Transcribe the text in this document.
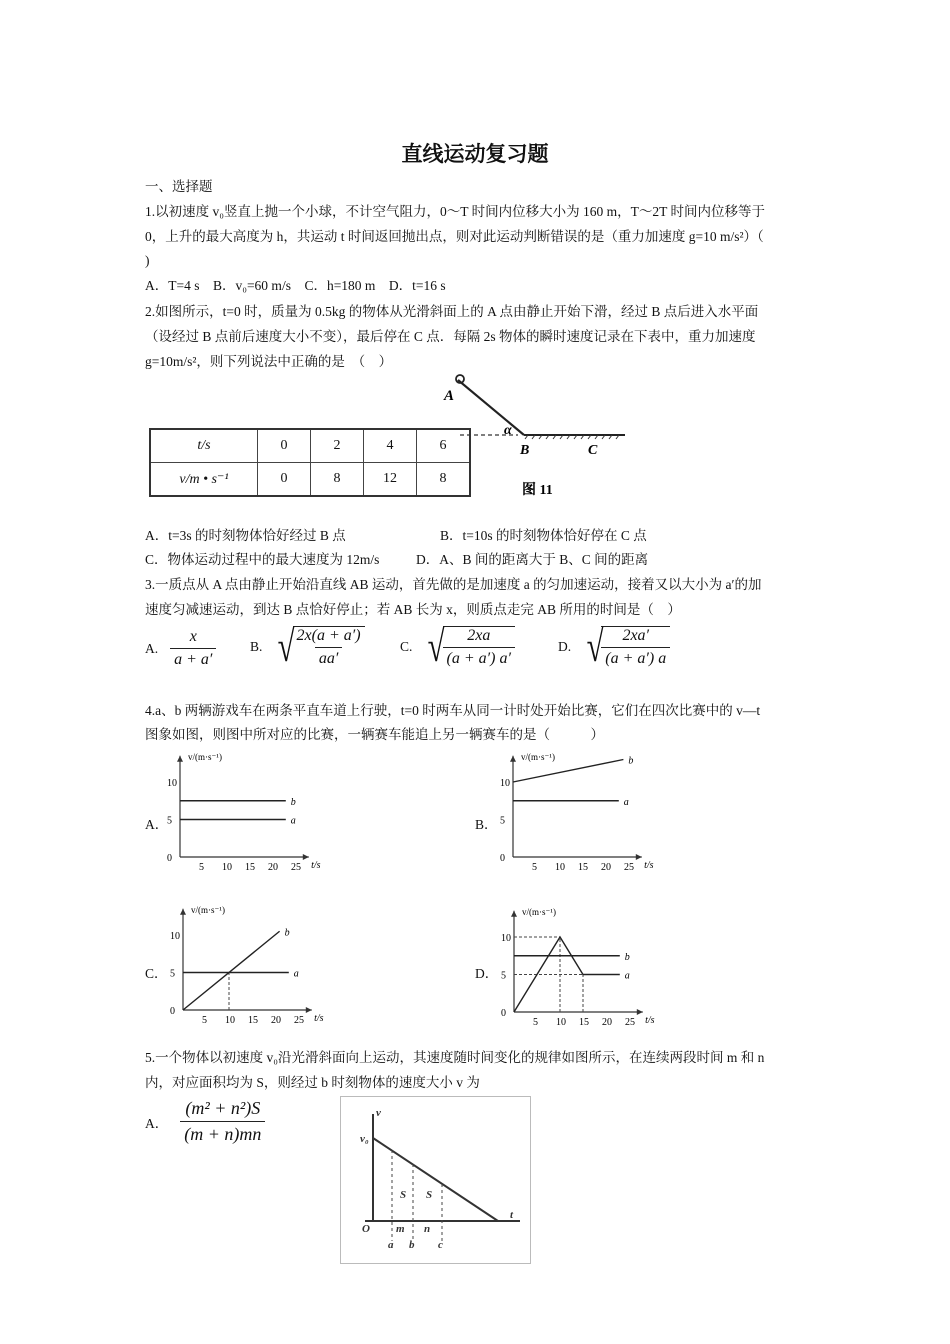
直线运动复习题
一、选择题
1.以初速度 v₀竖直上抛一个小球，不计空气阻力，0～T 时间内位移大小为 160 m，T～2T 时间内位移等于
0，上升的最大高度为 h，共运动 t 时间返回抛出点，则对此运动判断错误的是（重力加速度 g=10 m/s²）（
)
A．T=4 s　B．v₀=60 m/s　C．h=180 m　D．t=16 s
2.如图所示，t=0 时，质量为 0.5kg 的物体从光滑斜面上的 A 点由静止开始下滑，经过 B 点后进入水平面
（设经过 B 点前后速度大小不变），最后停在 C 点．每隔 2s 物体的瞬时速度记录在下表中，重力加速度
g=10m/s²，则下列说法中正确的是　（　）
t/s	0	2	4	6
v/m • s⁻¹	0	8	12	8
A
α
B	C
图 11
A．t=3s 的时刻物体恰好经过 B 点	B．t=10s 的时刻物体恰好停在 C 点
C．物体运动过程中的最大速度为 12m/s	D．A、B 间的距离大于 B、C 间的距离
3.一质点从 A 点由静止开始沿直线 AB 运动，首先做的是加速度 a 的匀加速运动，接着又以大小为 a′的加
速度匀减速运动，到达 B 点恰好停止；若 AB 长为 x，则质点走完 AB 所用的时间是（　）
A. $\frac{x}{a + a'} B$. √
$\frac{2x(a + a')}{aa'}$	C. √
$\frac{2xa}{(a + a') a'}$	D. √
$\frac{2xa'}{(a + a') a}$
4.a、b 两辆游戏车在两条平直车道上行驶，t=0 时两车从同一计时处开始比赛，它们在四次比赛中的 v—t
图象如图，则图中所对应的比赛，一辆赛车能追上另一辆赛车的是（　　　）
A．	B．
C．	D．
5 10 15 20 25
0
5
10
t/s
v/(m·s⁻¹)
a
b
5 10 15 20 25
0
5
10
t/s
v/(m·s⁻¹)
a
b
5 10 15 20 25
0
5
10
t/s
v/(m·s⁻¹)
a
b
5 10 15 20 25
0
5
10
t/s
v/(m·s⁻¹)
a
b
5.一个物体以初速度 v₀沿光滑斜面向上运动，其速度随时间变化的规律如图所示，在连续两段时间 m 和 n
内，对应面积均为 S，则经过 b 时刻物体的速度大小 v 为
A． $\frac{\text{(m² + n²)S}}{(m + n)mn}$	v
v₀
t
O
S S
m n
a b c
